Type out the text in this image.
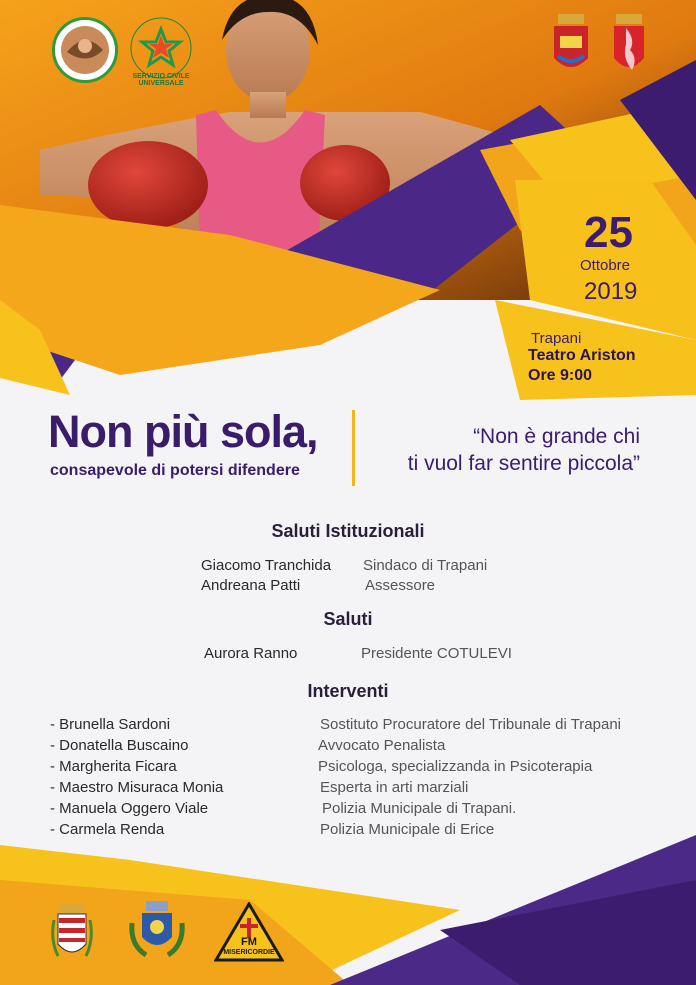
SERVIZIO CIVILE UNIVERSALE
25
Ottobre
2019
Trapani
Teatro Ariston
Ore 9:00
Non più sola,
consapevole di potersi difendere
“Non è grande chi
ti vuol far sentire piccola”
Saluti Istituzionali
Giacomo Tranchida Sindaco di Trapani
Andreana Patti	Assessore
Saluti
Aurora Ranno	Presidente COTULEVI
Interventi
- Brunella Sardoni	Sostituto Procuratore del Tribunale di Trapani
- Donatella Buscaino	Avvocato Penalista
- Margherita Ficara	Psicologa, specializzanda in Psicoterapia
- Maestro Misuraca Monia	Esperta in arti marziali
- Manuela Oggero Viale	Polizia Municipale di Trapani.
- Carmela Renda	Polizia Municipale di Erice
FM
MISERICORDIE
